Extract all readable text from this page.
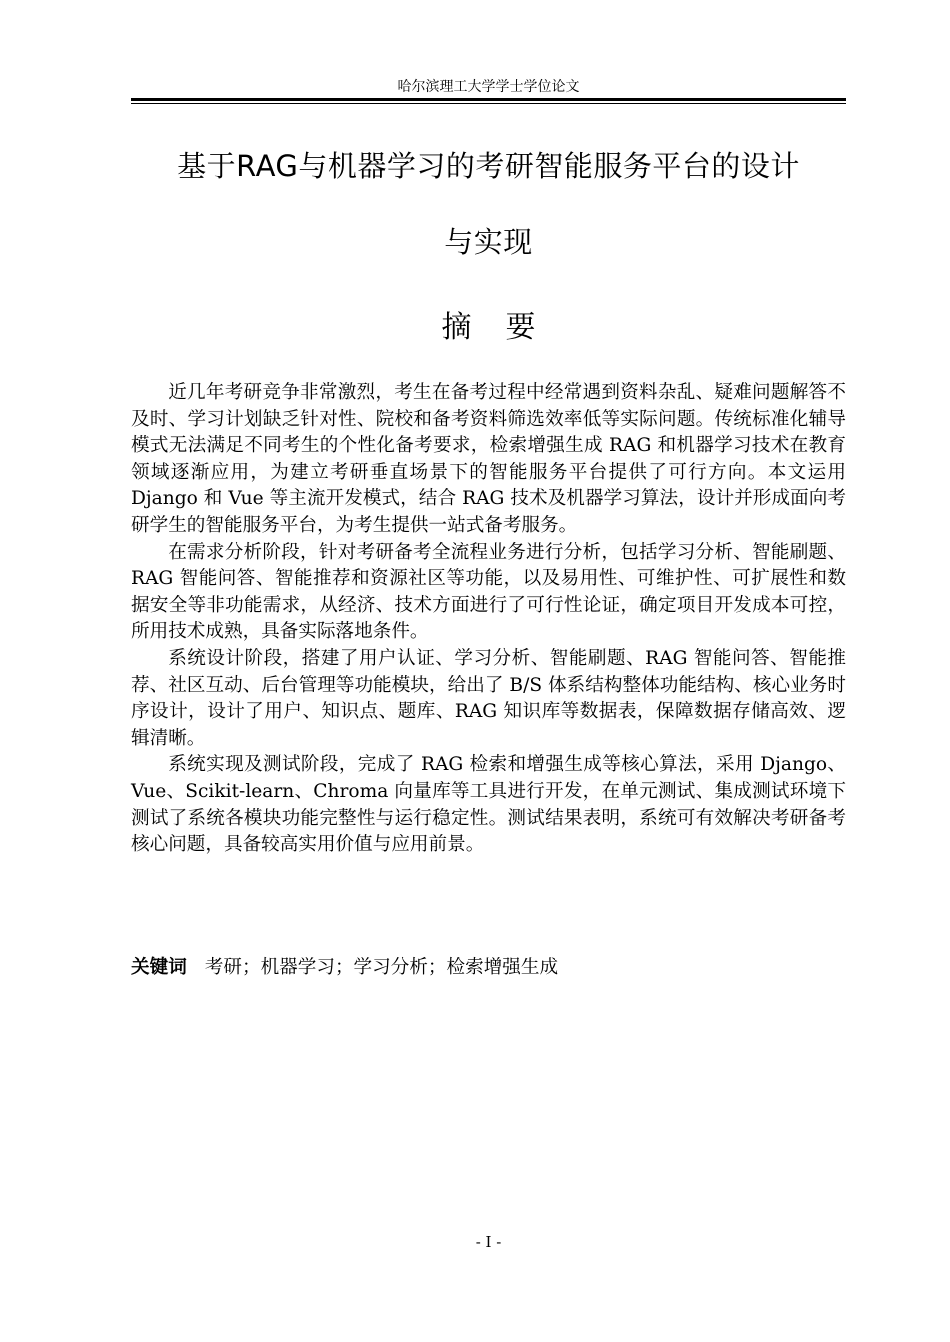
哈尔滨理工大学学士学位论文
基于RAG与机器学习的考研智能服务平台的设计
与实现
摘要

近几年考研竞争非常激烈，考生在备考过程中经常遇到资料杂乱、疑难问题解答不及时、学习计划缺乏针对性、院校和备考资料筛选效率低等实际问题。传统标准化辅导模式无法满足不同考生的个性化备考要求，检索增强生成 RAG 和机器学习技术在教育领域逐渐应用，为建立考研垂直场景下的智能服务平台提供了可行方向。本文运用 Django 和 Vue 等主流开发模式，结合 RAG 技术及机器学习算法，设计并形成面向考研学生的智能服务平台，为考生提供一站式备考服务。

在需求分析阶段，针对考研备考全流程业务进行分析，包括学习分析、智能刷题、RAG 智能问答、智能推荐和资源社区等功能，以及易用性、可维护性、可扩展性和数据安全等非功能需求，从经济、技术方面进行了可行性论证，确定项目开发成本可控，所用技术成熟，具备实际落地条件。

系统设计阶段，搭建了用户认证、学习分析、智能刷题、RAG 智能问答、智能推荐、社区互动、后台管理等功能模块，给出了 B/S 体系结构整体功能结构、核心业务时序设计，设计了用户、知识点、题库、RAG 知识库等数据表，保障数据存储高效、逻辑清晰。

系统实现及测试阶段，完成了 RAG 检索和增强生成等核心算法，采用 Django、Vue、Scikit-learn、Chroma 向量库等工具进行开发，在单元测试、集成测试环境下测试了系统各模块功能完整性与运行稳定性。测试结果表明，系统可有效解决考研备考核心问题，具备较高实用价值与应用前景。

关键词 考研；机器学习；学习分析；检索增强生成
- I -
